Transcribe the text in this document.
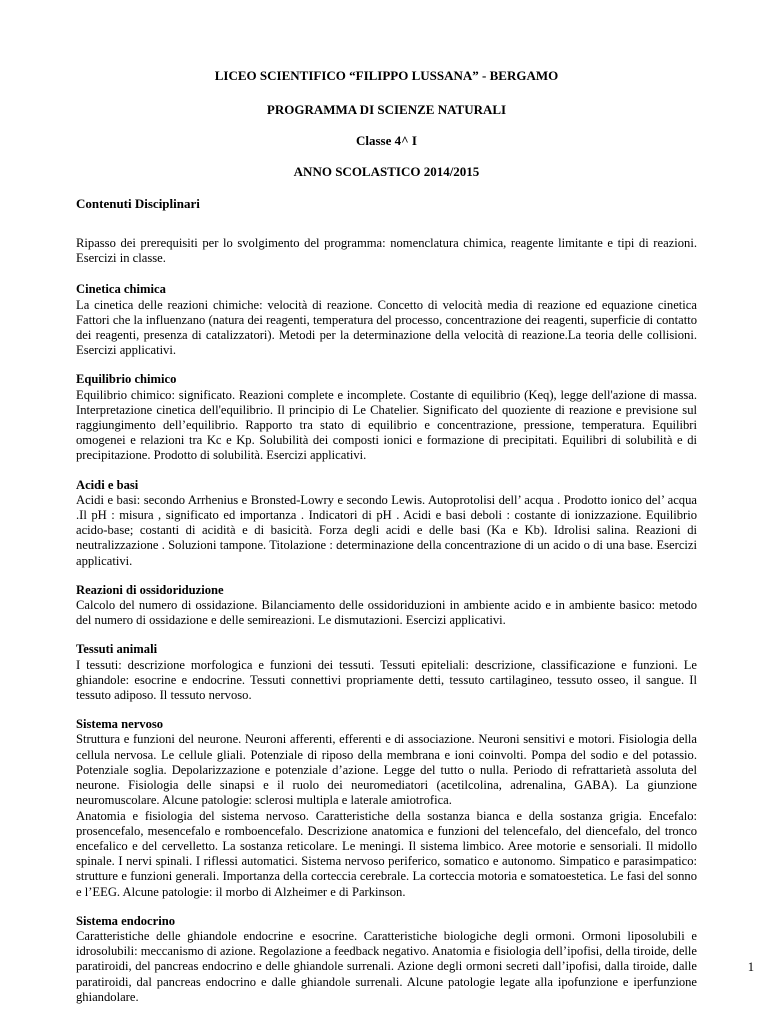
LICEO SCIENTIFICO “FILIPPO LUSSANA” - BERGAMO
PROGRAMMA DI SCIENZE NATURALI
Classe 4^ I
ANNO SCOLASTICO 2014/2015
Contenuti Disciplinari

Ripasso dei prerequisiti per lo svolgimento del programma: nomenclatura chimica, reagente limitante e tipi di reazioni. Esercizi in classe.

Cinetica chimica

La cinetica delle reazioni chimiche: velocità di reazione. Concetto di velocità media di reazione ed equazione cinetica Fattori che la influenzano (natura dei reagenti, temperatura del processo, concentrazione dei reagenti, superficie di contatto dei reagenti, presenza di catalizzatori). Metodi per la determinazione della velocità di reazione.La teoria delle collisioni. Esercizi applicativi.

Equilibrio chimico

Equilibrio chimico: significato. Reazioni complete e incomplete. Costante di equilibrio (Keq), legge dell'azione di massa. Interpretazione cinetica dell'equilibrio. Il principio di Le Chatelier. Significato del quoziente di reazione e previsione sul raggiungimento dell’equilibrio. Rapporto tra stato di equilibrio e concentrazione, pressione, temperatura. Equilibri omogenei e relazioni tra Kc e Kp. Solubilità dei composti ionici e formazione di precipitati. Equilibri di solubilità e di precipitazione. Prodotto di solubilità. Esercizi applicativi.

Acidi e basi

Acidi e basi: secondo Arrhenius e Bronsted-Lowry e secondo Lewis. Autoprotolisi dell’ acqua . Prodotto ionico del’ acqua .Il pH : misura , significato ed importanza . Indicatori di pH . Acidi e basi deboli : costante di ionizzazione. Equilibrio acido-base; costanti di acidità e di basicità. Forza degli acidi e delle basi (Ka e Kb). Idrolisi salina. Reazioni di neutralizzazione . Soluzioni tampone. Titolazione : determinazione della concentrazione di un acido o di una base. Esercizi applicativi.

Reazioni di ossidoriduzione

Calcolo del numero di ossidazione. Bilanciamento delle ossidoriduzioni in ambiente acido e in ambiente basico: metodo del numero di ossidazione e delle semireazioni. Le dismutazioni. Esercizi applicativi.

Tessuti animali

I tessuti: descrizione morfologica e funzioni dei tessuti. Tessuti epiteliali: descrizione, classificazione e funzioni. Le ghiandole: esocrine e endocrine. Tessuti connettivi propriamente detti, tessuto cartilagineo, tessuto osseo, il sangue. Il tessuto adiposo. Il tessuto nervoso.

Sistema nervoso

Struttura e funzioni del neurone. Neuroni afferenti, efferenti e di associazione. Neuroni sensitivi e motori. Fisiologia della cellula nervosa. Le cellule gliali. Potenziale di riposo della membrana e ioni coinvolti. Pompa del sodio e del potassio. Potenziale soglia. Depolarizzazione e potenziale d’azione. Legge del tutto o nulla. Periodo di refrattarietà assoluta del neurone. Fisiologia delle sinapsi e il ruolo dei neuromediatori (acetilcolina, adrenalina, GABA). La giunzione neuromuscolare. Alcune patologie: sclerosi multipla e laterale amiotrofica.

Anatomia e fisiologia del sistema nervoso. Caratteristiche della sostanza bianca e della sostanza grigia. Encefalo: prosencefalo, mesencefalo e romboencefalo. Descrizione anatomica e funzioni del telencefalo, del diencefalo, del tronco encefalico e del cervelletto. La sostanza reticolare. Le meningi. Il sistema limbico. Aree motorie e sensoriali. Il midollo spinale. I nervi spinali. I riflessi automatici. Sistema nervoso periferico, somatico e autonomo. Simpatico e parasimpatico: strutture e funzioni generali. Importanza della corteccia cerebrale. La corteccia motoria e somatoestetica. Le fasi del sonno e l’EEG. Alcune patologie: il morbo di Alzheimer e di Parkinson.

Sistema endocrino

Caratteristiche delle ghiandole endocrine e esocrine. Caratteristiche biologiche degli ormoni. Ormoni liposolubili e idrosolubili: meccanismo di azione. Regolazione a feedback negativo. Anatomia e fisiologia dell’ipofisi, della tiroide, delle paratiroidi, del pancreas endocrino e delle ghiandole surrenali. Azione degli ormoni secreti dall’ipofisi, dalla tiroide, dalle paratiroidi, dal pancreas endocrino e dalle ghiandole surrenali. Alcune patologie legate alla ipofunzione e iperfunzione ghiandolare.

1
